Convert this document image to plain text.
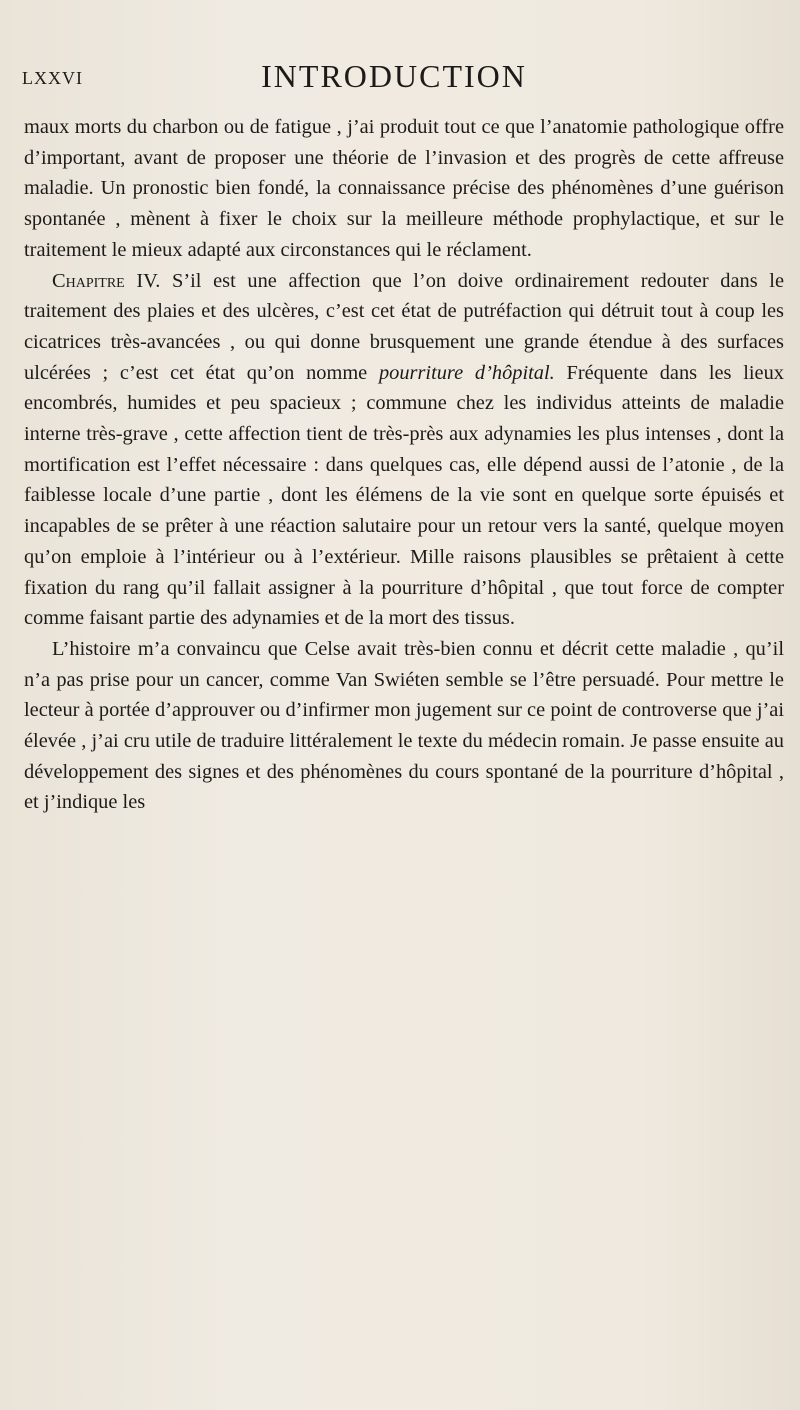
LXXVI	INTRODUCTION

maux morts du charbon ou de fatigue , j’ai produit tout ce que l’anatomie pathologique offre d’important, avant de proposer une théorie de l’invasion et des progrès de cette affreuse maladie. Un pronostic bien fondé, la connaissance précise des phénomènes d’une guérison spontanée , mènent à fixer le choix sur la meilleure méthode prophylactique, et sur le traitement le mieux adapté aux circonstances qui le réclament.

Chapitre IV. S’il est une affection que l’on doive ordinairement redouter dans le traitement des plaies et des ulcères, c’est cet état de putréfaction qui détruit tout à coup les cicatrices très-avancées , ou qui donne brusquement une grande étendue à des surfaces ulcérées ; c’est cet état qu’on nomme pourriture d’hôpital. Fréquente dans les lieux encombrés, humides et peu spacieux ; commune chez les individus atteints de maladie interne très-grave , cette affection tient de très-près aux adynamies les plus intenses , dont la mortification est l’effet nécessaire : dans quelques cas, elle dépend aussi de l’atonie , de la faiblesse locale d’une partie , dont les élémens de la vie sont en quelque sorte épuisés et incapables de se prêter à une réaction salutaire pour un retour vers la santé, quelque moyen qu’on emploie à l’intérieur ou à l’extérieur. Mille raisons plausibles se prêtaient à cette fixation du rang qu’il fallait assigner à la pourriture d’hôpital , que tout force de compter comme faisant partie des adynamies et de la mort des tissus.

L’histoire m’a convaincu que Celse avait très-bien connu et décrit cette maladie , qu’il n’a pas prise pour un cancer, comme Van Swiéten semble se l’être persuadé. Pour mettre le lecteur à portée d’approuver ou d’infirmer mon jugement sur ce point de controverse que j’ai élevée , j’ai cru utile de traduire littéralement le texte du médecin romain. Je passe ensuite au développement des signes et des phénomènes du cours spontané de la pourriture d’hôpital , et j’indique les
